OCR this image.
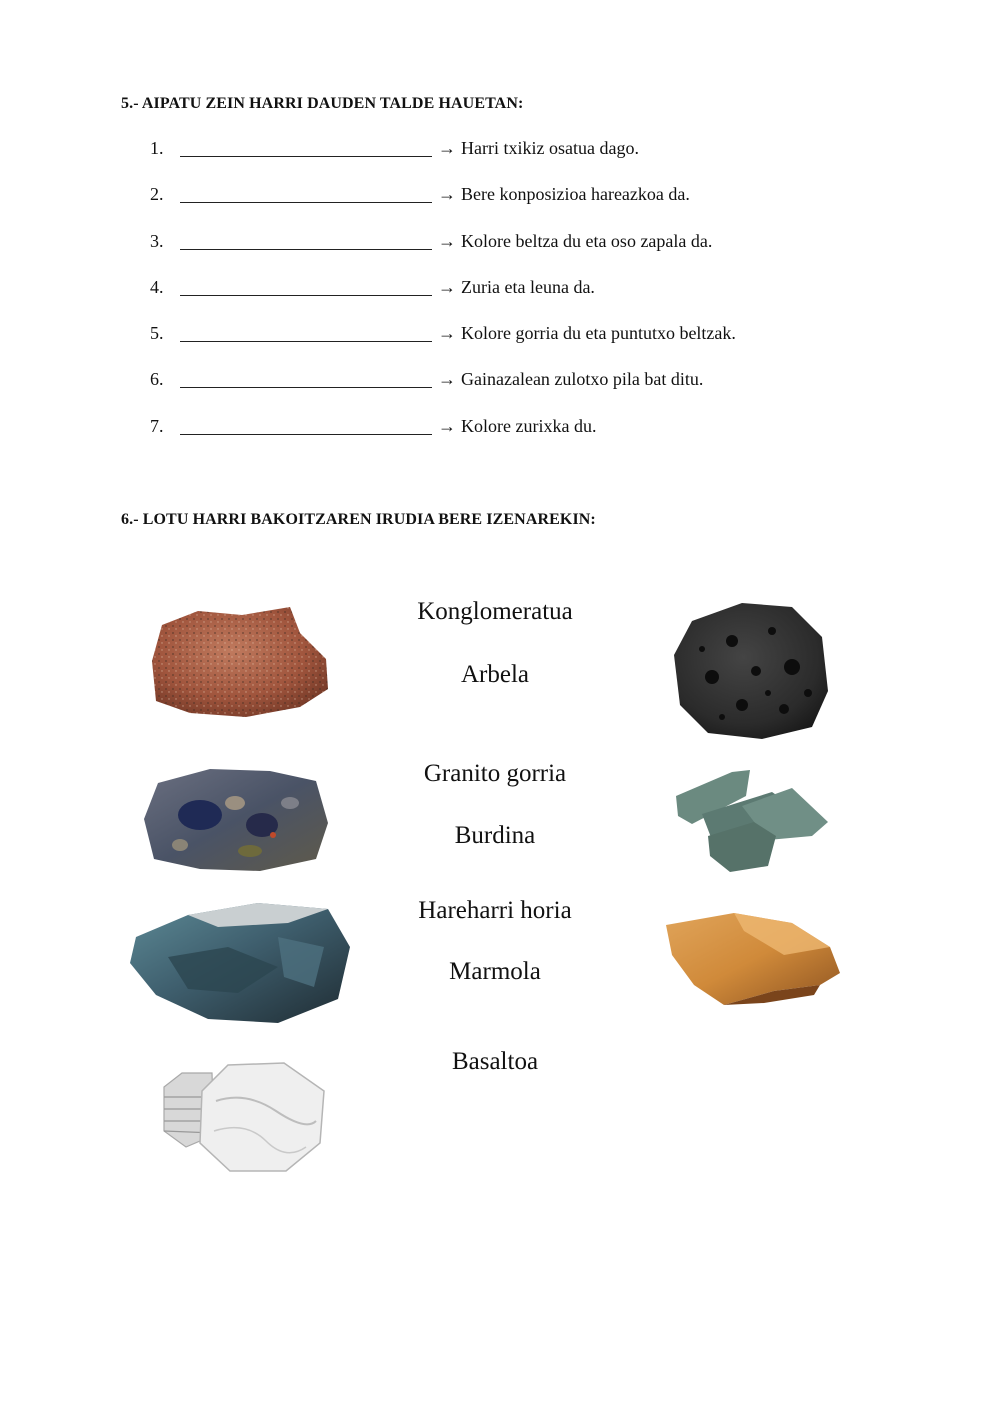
5.- AIPATU ZEIN HARRI DAUDEN TALDE HAUETAN:
1.	→ Harri txikiz osatua dago.
2.	→ Bere konposizioa hareazkoa da.
3.	→ Kolore beltza du eta oso zapala da.
4.	→ Zuria eta leuna da.
5.	→ Kolore gorria du eta puntutxo beltzak.
6.	→ Gainazalean zulotxo pila bat ditu.
7.	→ Kolore zurixka du.
6.- LOTU HARRI BAKOITZAREN IRUDIA BERE IZENAREKIN:
Konglomeratua
Arbela
Granito gorria
Burdina
Hareharri horia
Marmola
Basaltoa
